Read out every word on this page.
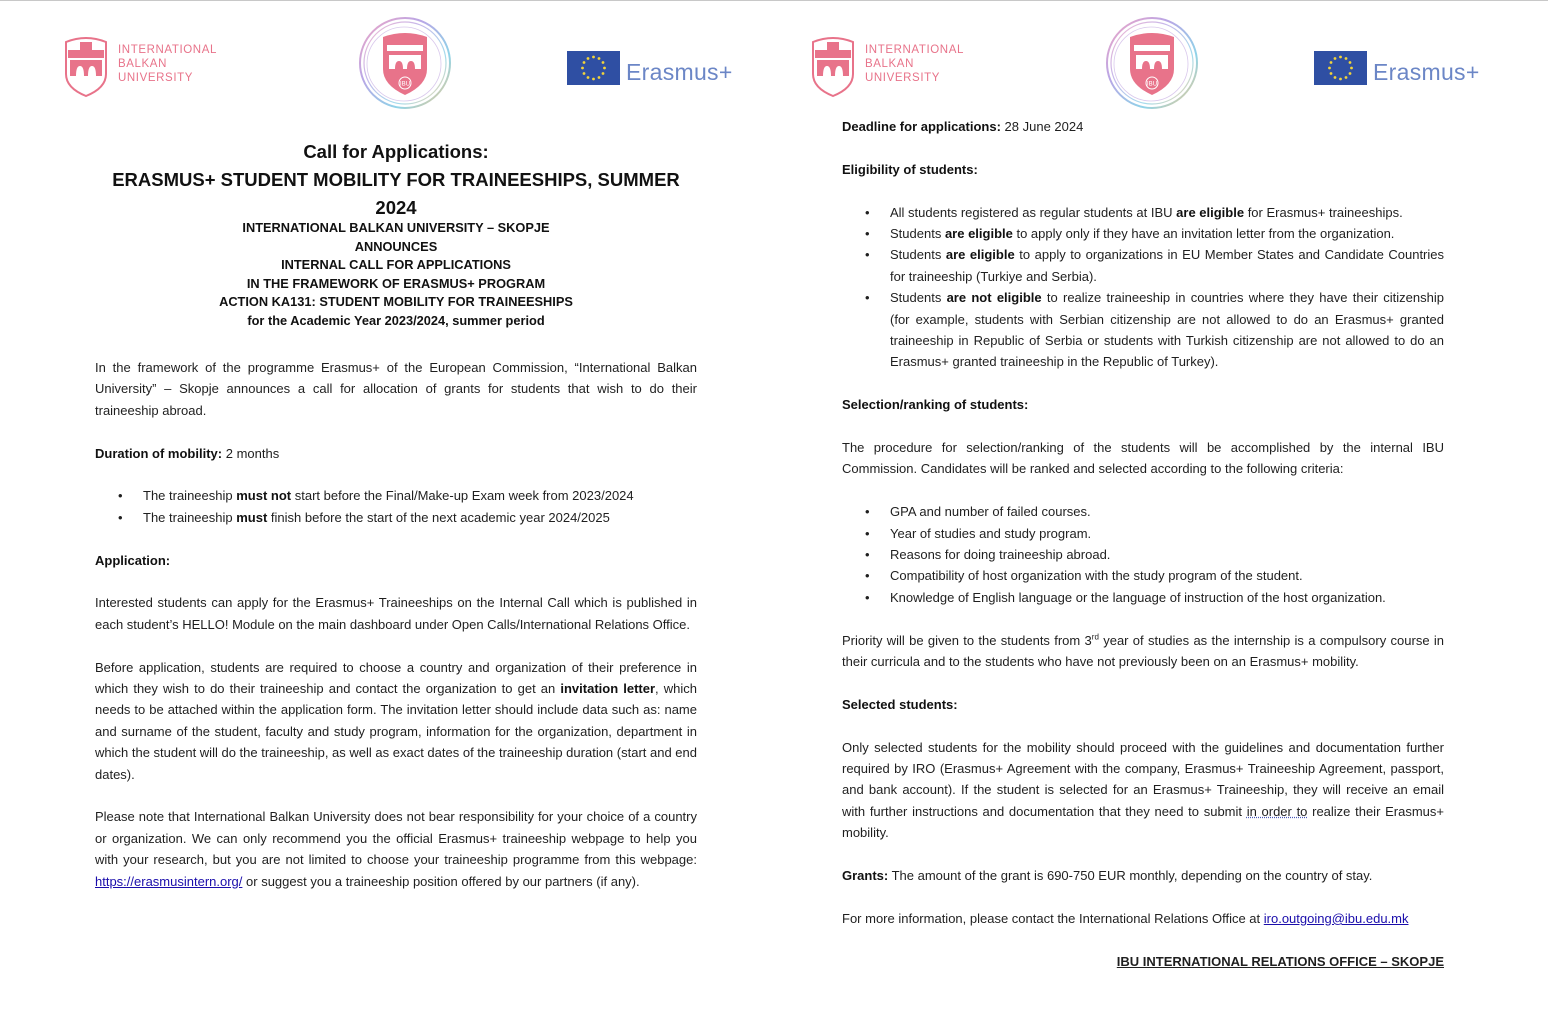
INTERNATIONAL
BALKAN
UNIVERSITY	IBU	Erasmus+
Call for Applications:
ERASMUS+ STUDENT MOBILITY FOR TRAINEESHIPS, SUMMER 2024
INTERNATIONAL BALKAN UNIVERSITY – SKOPJE
ANNOUNCES
INTERNAL CALL FOR APPLICATIONS
IN THE FRAMEWORK OF ERASMUS+ PROGRAM
ACTION KA131: STUDENT MOBILITY FOR TRAINEESHIPS
for the Academic Year 2023/2024, summer period

In the framework of the programme Erasmus+ of the European Commission, “International Balkan University” – Skopje announces a call for allocation of grants for students that wish to do their traineeship abroad.

Duration of mobility: 2 months

• The traineeship must not start before the Final/Make-up Exam week from 2023/2024
• The traineeship must finish before the start of the next academic year 2024/2025

Application:

Interested students can apply for the Erasmus+ Traineeships on the Internal Call which is published in each student’s HELLO! Module on the main dashboard under Open Calls/International Relations Office.

Before application, students are required to choose a country and organization of their preference in which they wish to do their traineeship and contact the organization to get an invitation letter, which needs to be attached within the application form. The invitation letter should include data such as: name and surname of the student, faculty and study program, information for the organization, department in which the student will do the traineeship, as well as exact dates of the traineeship duration (start and end dates).

Please note that International Balkan University does not bear responsibility for your choice of a country or organization. We can only recommend you the official Erasmus+ traineeship webpage to help you with your research, but you are not limited to choose your traineeship programme from this webpage: https://erasmusintern.org/ or suggest you a traineeship position offered by our partners (if any).

INTERNATIONAL
BALKAN
UNIVERSITY	IBU	Erasmus+

Deadline for applications: 28 June 2024

Eligibility of students:

• All students registered as regular students at IBU are eligible for Erasmus+ traineeships.
• Students are eligible to apply only if they have an invitation letter from the organization.
• Students are eligible to apply to organizations in EU Member States and Candidate Countries for traineeship (Turkiye and Serbia).
• Students are not eligible to realize traineeship in countries where they have their citizenship (for example, students with Serbian citizenship are not allowed to do an Erasmus+ granted traineeship in Republic of Serbia or students with Turkish citizenship are not allowed to do an Erasmus+ granted traineeship in the Republic of Turkey).

Selection/ranking of students:

The procedure for selection/ranking of the students will be accomplished by the internal IBU Commission. Candidates will be ranked and selected according to the following criteria:

• GPA and number of failed courses.
• Year of studies and study program.
• Reasons for doing traineeship abroad.
• Compatibility of host organization with the study program of the student.
• Knowledge of English language or the language of instruction of the host organization.

Priority will be given to the students from 3rd year of studies as the internship is a compulsory course in their curricula and to the students who have not previously been on an Erasmus+ mobility.

Selected students:

Only selected students for the mobility should proceed with the guidelines and documentation further required by IRO (Erasmus+ Agreement with the company, Erasmus+ Traineeship Agreement, passport, and bank account). If the student is selected for an Erasmus+ Traineeship, they will receive an email with further instructions and documentation that they need to submit in order to realize their Erasmus+ mobility.

Grants: The amount of the grant is 690-750 EUR monthly, depending on the country of stay.

For more information, please contact the International Relations Office at iro.outgoing@ibu.edu.mk

IBU INTERNATIONAL RELATIONS OFFICE – SKOPJE
